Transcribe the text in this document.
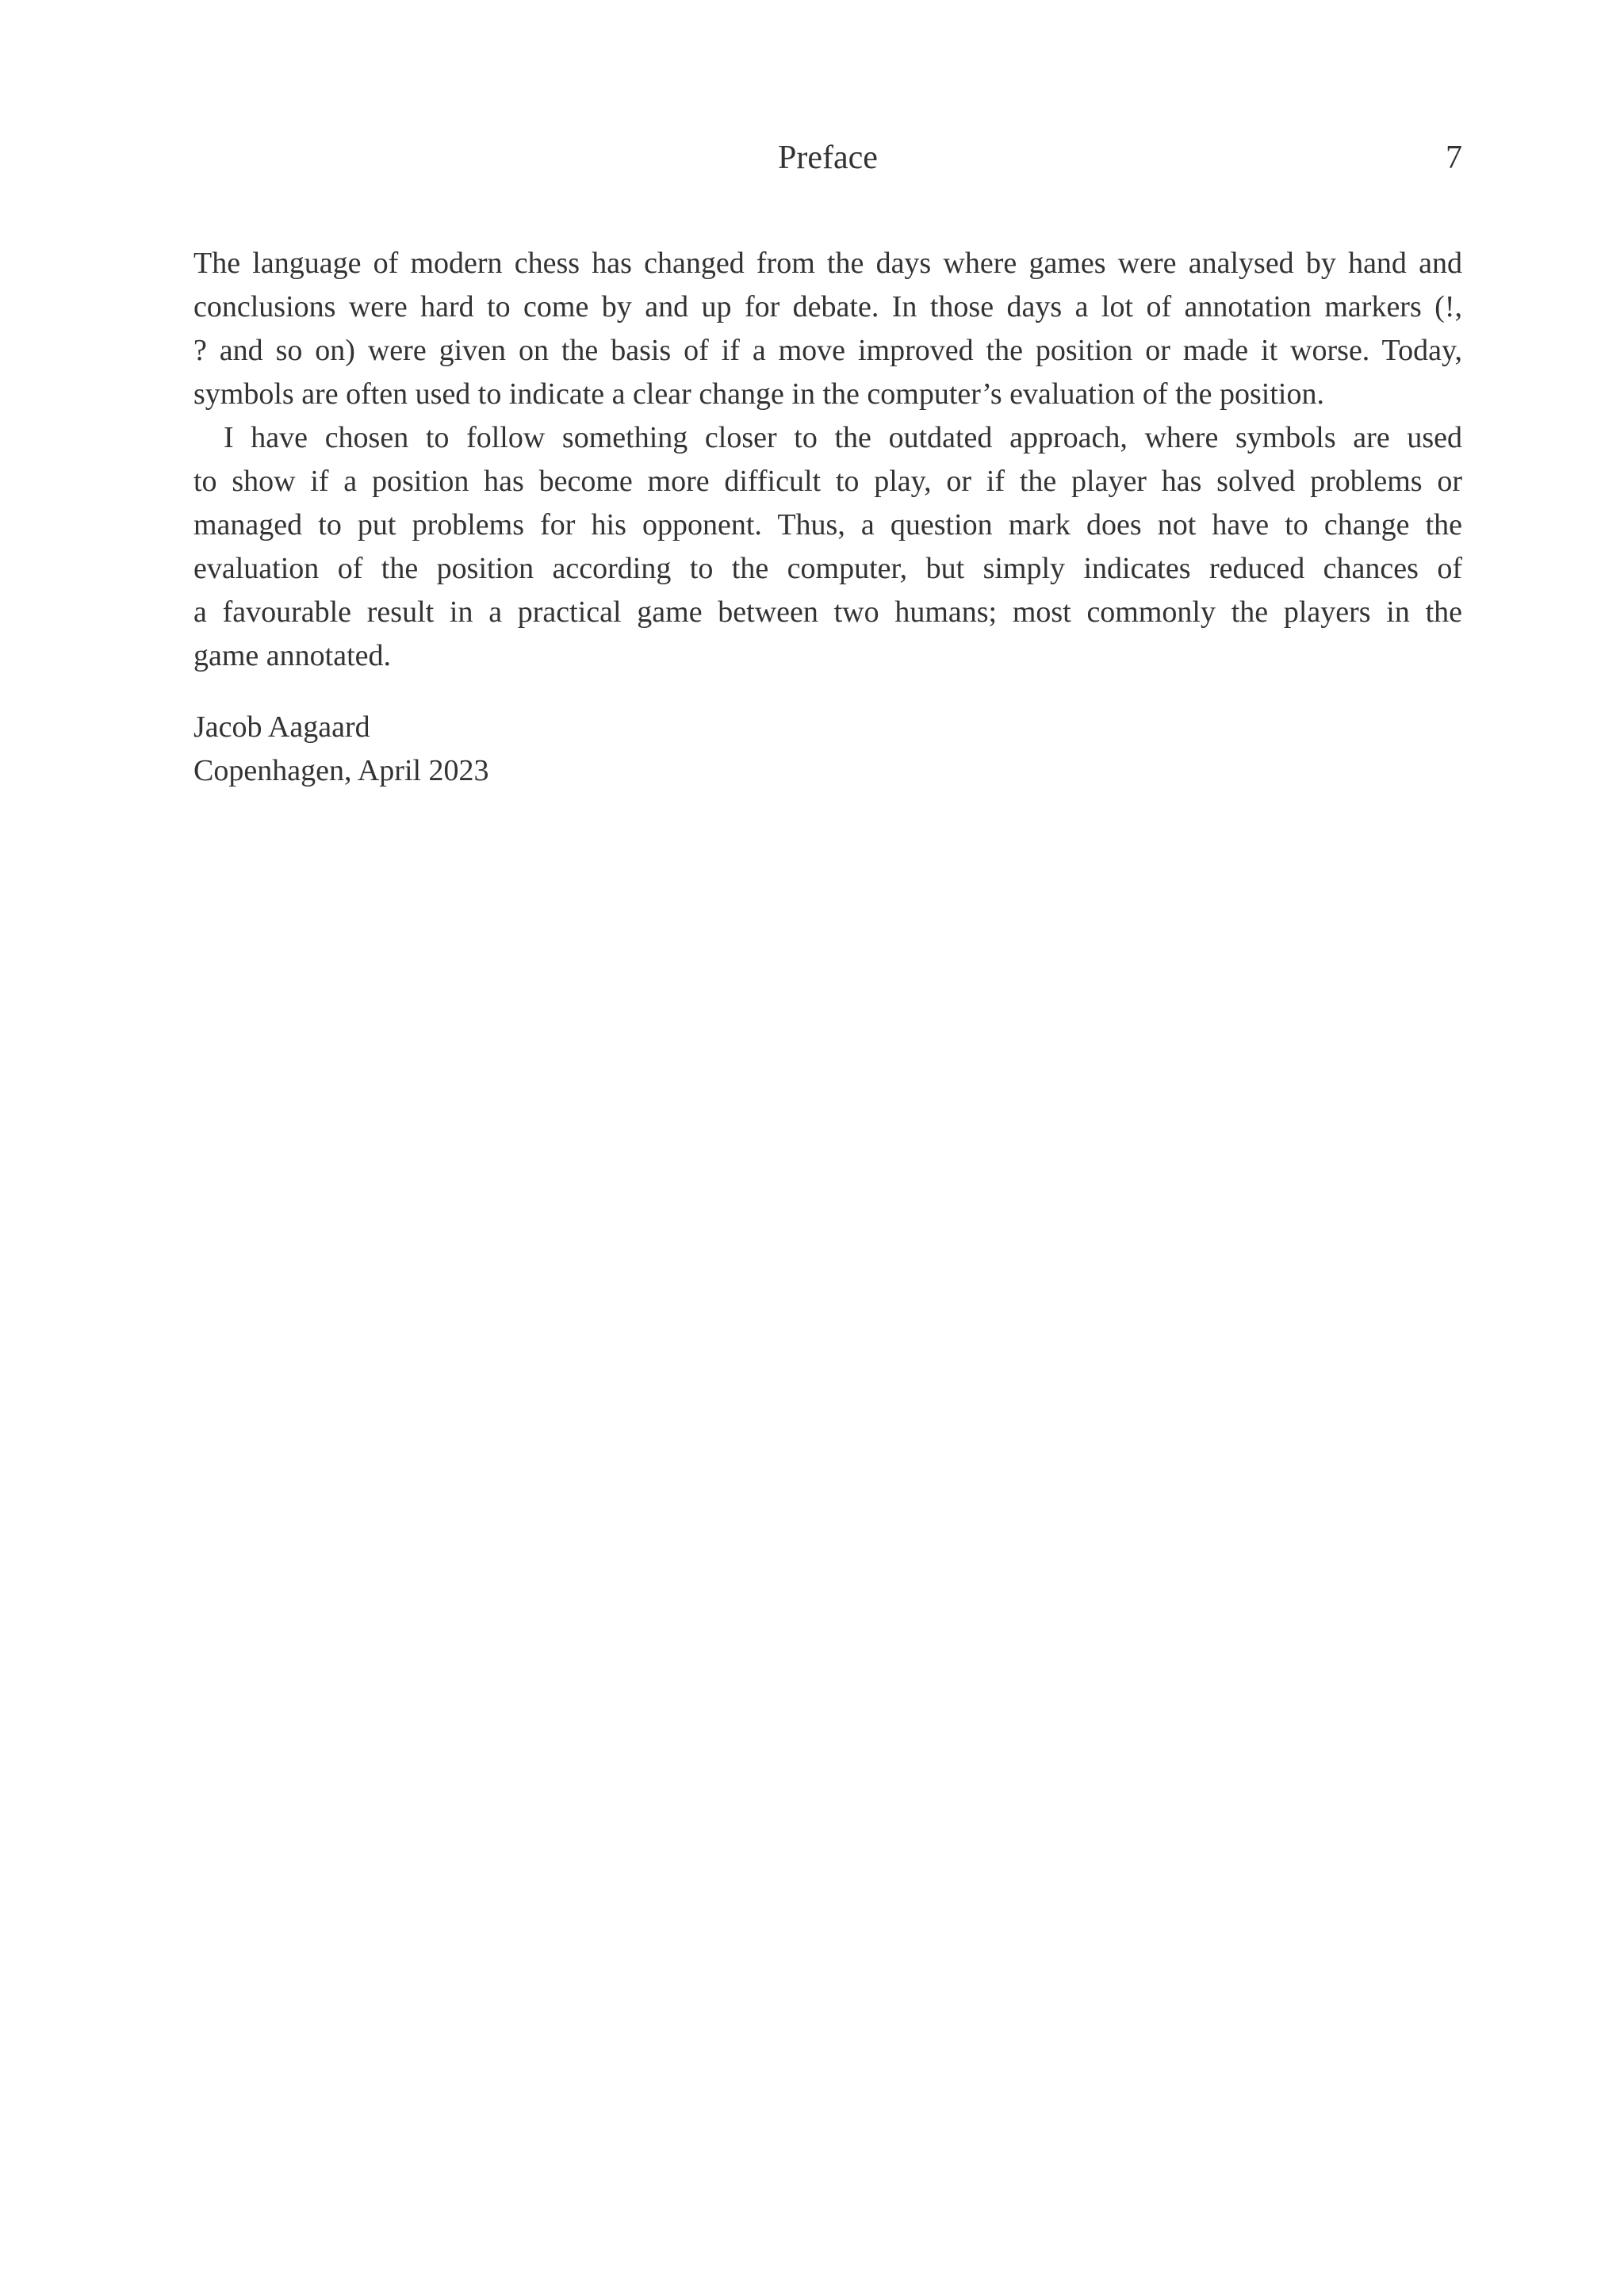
Preface	7
The language of modern chess has changed from the days where games were analysed by hand and
conclusions were hard to come by and up for debate. In those days a lot of annotation markers (!,
? and so on) were given on the basis of if a move improved the position or made it worse. Today,
symbols are often used to indicate a clear change in the computer’s evaluation of the position.
I have chosen to follow something closer to the outdated approach, where symbols are used
to show if a position has become more difficult to play, or if the player has solved problems or
managed to put problems for his opponent. Thus, a question mark does not have to change the
evaluation of the position according to the computer, but simply indicates reduced chances of
a favourable result in a practical game between two humans; most commonly the players in the
game annotated.
Jacob Aagaard
Copenhagen, April 2023
